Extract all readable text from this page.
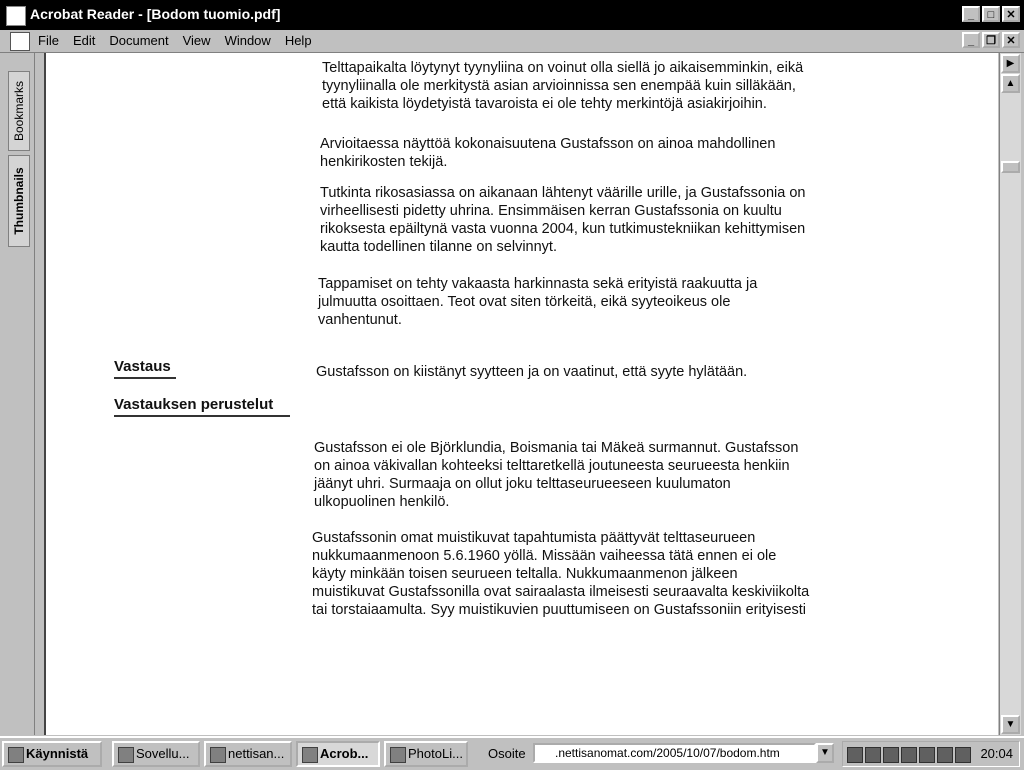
Acrobat Reader - [Bodom tuomio.pdf]	_	□	✕
File Edit Document View Window Help	_	❐ ✕
Bookmarks
Thumbnails
Telttapaikalta löytynyt tyynyliina on voinut olla siellä jo aikaisemminkin, eikä
tyynyliinalla ole merkitystä asian arvioinnissa sen enempää kuin silläkään,
että kaikista löydetyistä tavaroista ei ole tehty merkintöjä asiakirjoihin.
Arvioitaessa näyttöä kokonaisuutena Gustafsson on ainoa mahdollinen
henkirikosten tekijä.
Tutkinta rikosasiassa on aikanaan lähtenyt väärille urille, ja Gustafssonia on
virheellisesti pidetty uhrina. Ensimmäisen kerran Gustafssonia on kuultu
rikoksesta epäiltynä vasta vuonna 2004, kun tutkimustekniikan kehittymisen
kautta todellinen tilanne on selvinnyt.
Tappamiset on tehty vakaasta harkinnasta sekä erityistä raakuutta ja
julmuutta osoittaen. Teot ovat siten törkeitä, eikä syyteoikeus ole
vanhentunut.
Vastaus	Gustafsson on kiistänyt syytteen ja on vaatinut, että syyte hylätään.
Vastauksen perustelut
Gustafsson ei ole Björklundia, Boismania tai Mäkeä surmannut. Gustafsson
on ainoa väkivallan kohteeksi telttaretkellä joutuneesta seurueesta henkiin
jäänyt uhri. Surmaaja on ollut joku telttaseurueeseen kuulumaton
ulkopuolinen henkilö.
Gustafssonin omat muistikuvat tapahtumista päättyvät telttaseurueen
nukkumaanmenoon 5.6.1960 yöllä. Missään vaiheessa tätä ennen ei ole
käyty minkään toisen seurueen teltalla. Nukkumaanmenon jälkeen
muistikuvat Gustafssonilla ovat sairaalasta ilmeisesti seuraavalta keskiviikolta
tai torstaiaamulta. Syy muistikuvien puuttumiseen on Gustafssoniin erityisesti
▶
▲
▼
Käynnistä	Sovellu...	nettisan...	Acrob...	PhotoLi...	Osoite	.nettisanomat.com/2005/10/07/bodom.htm	▼	20:04
